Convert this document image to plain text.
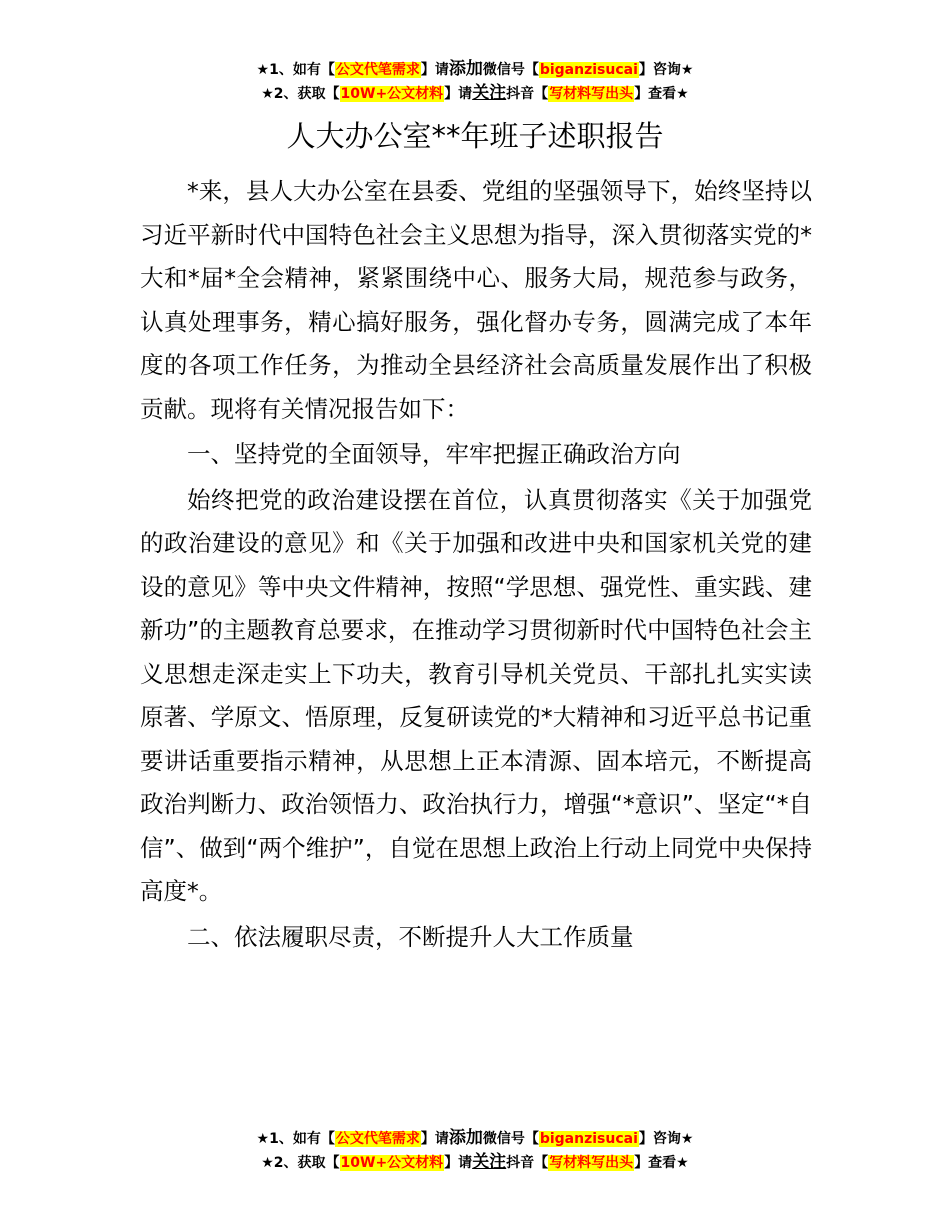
★1、如有【公文代笔需求】请添加微信号【biganzisucai】咨询★
★2、获取【10W+公文材料】请关注抖音【写材料写出头】查看★
人大办公室**年班子述职报告

*来，县人大办公室在县委、党组的坚强领导下，始终坚持以习近平新时代中国特色社会主义思想为指导，深入贯彻落实党的*大和*届*全会精神，紧紧围绕中心、服务大局，规范参与政务，认真处理事务，精心搞好服务，强化督办专务，圆满完成了本年度的各项工作任务，为推动全县经济社会高质量发展作出了积极贡献。现将有关情况报告如下：

一、坚持党的全面领导，牢牢把握正确政治方向

始终把党的政治建设摆在首位，认真贯彻落实《关于加强党的政治建设的意见》和《关于加强和改进中央和国家机关党的建设的意见》等中央文件精神，按照“学思想、强党性、重实践、建新功”的主题教育总要求，在推动学习贯彻新时代中国特色社会主义思想走深走实上下功夫，教育引导机关党员、干部扎扎实实读原著、学原文、悟原理，反复研读党的*大精神和习近平总书记重要讲话重要指示精神，从思想上正本清源、固本培元，不断提高政治判断力、政治领悟力、政治执行力，增强“*意识”、坚定“*自信”、做到“两个维护”，自觉在思想上政治上行动上同党中央保持高度*。

二、依法履职尽责，不断提升人大工作质量

★1、如有【公文代笔需求】请添加微信号【biganzisucai】咨询★
★2、获取【10W+公文材料】请关注抖音【写材料写出头】查看★
